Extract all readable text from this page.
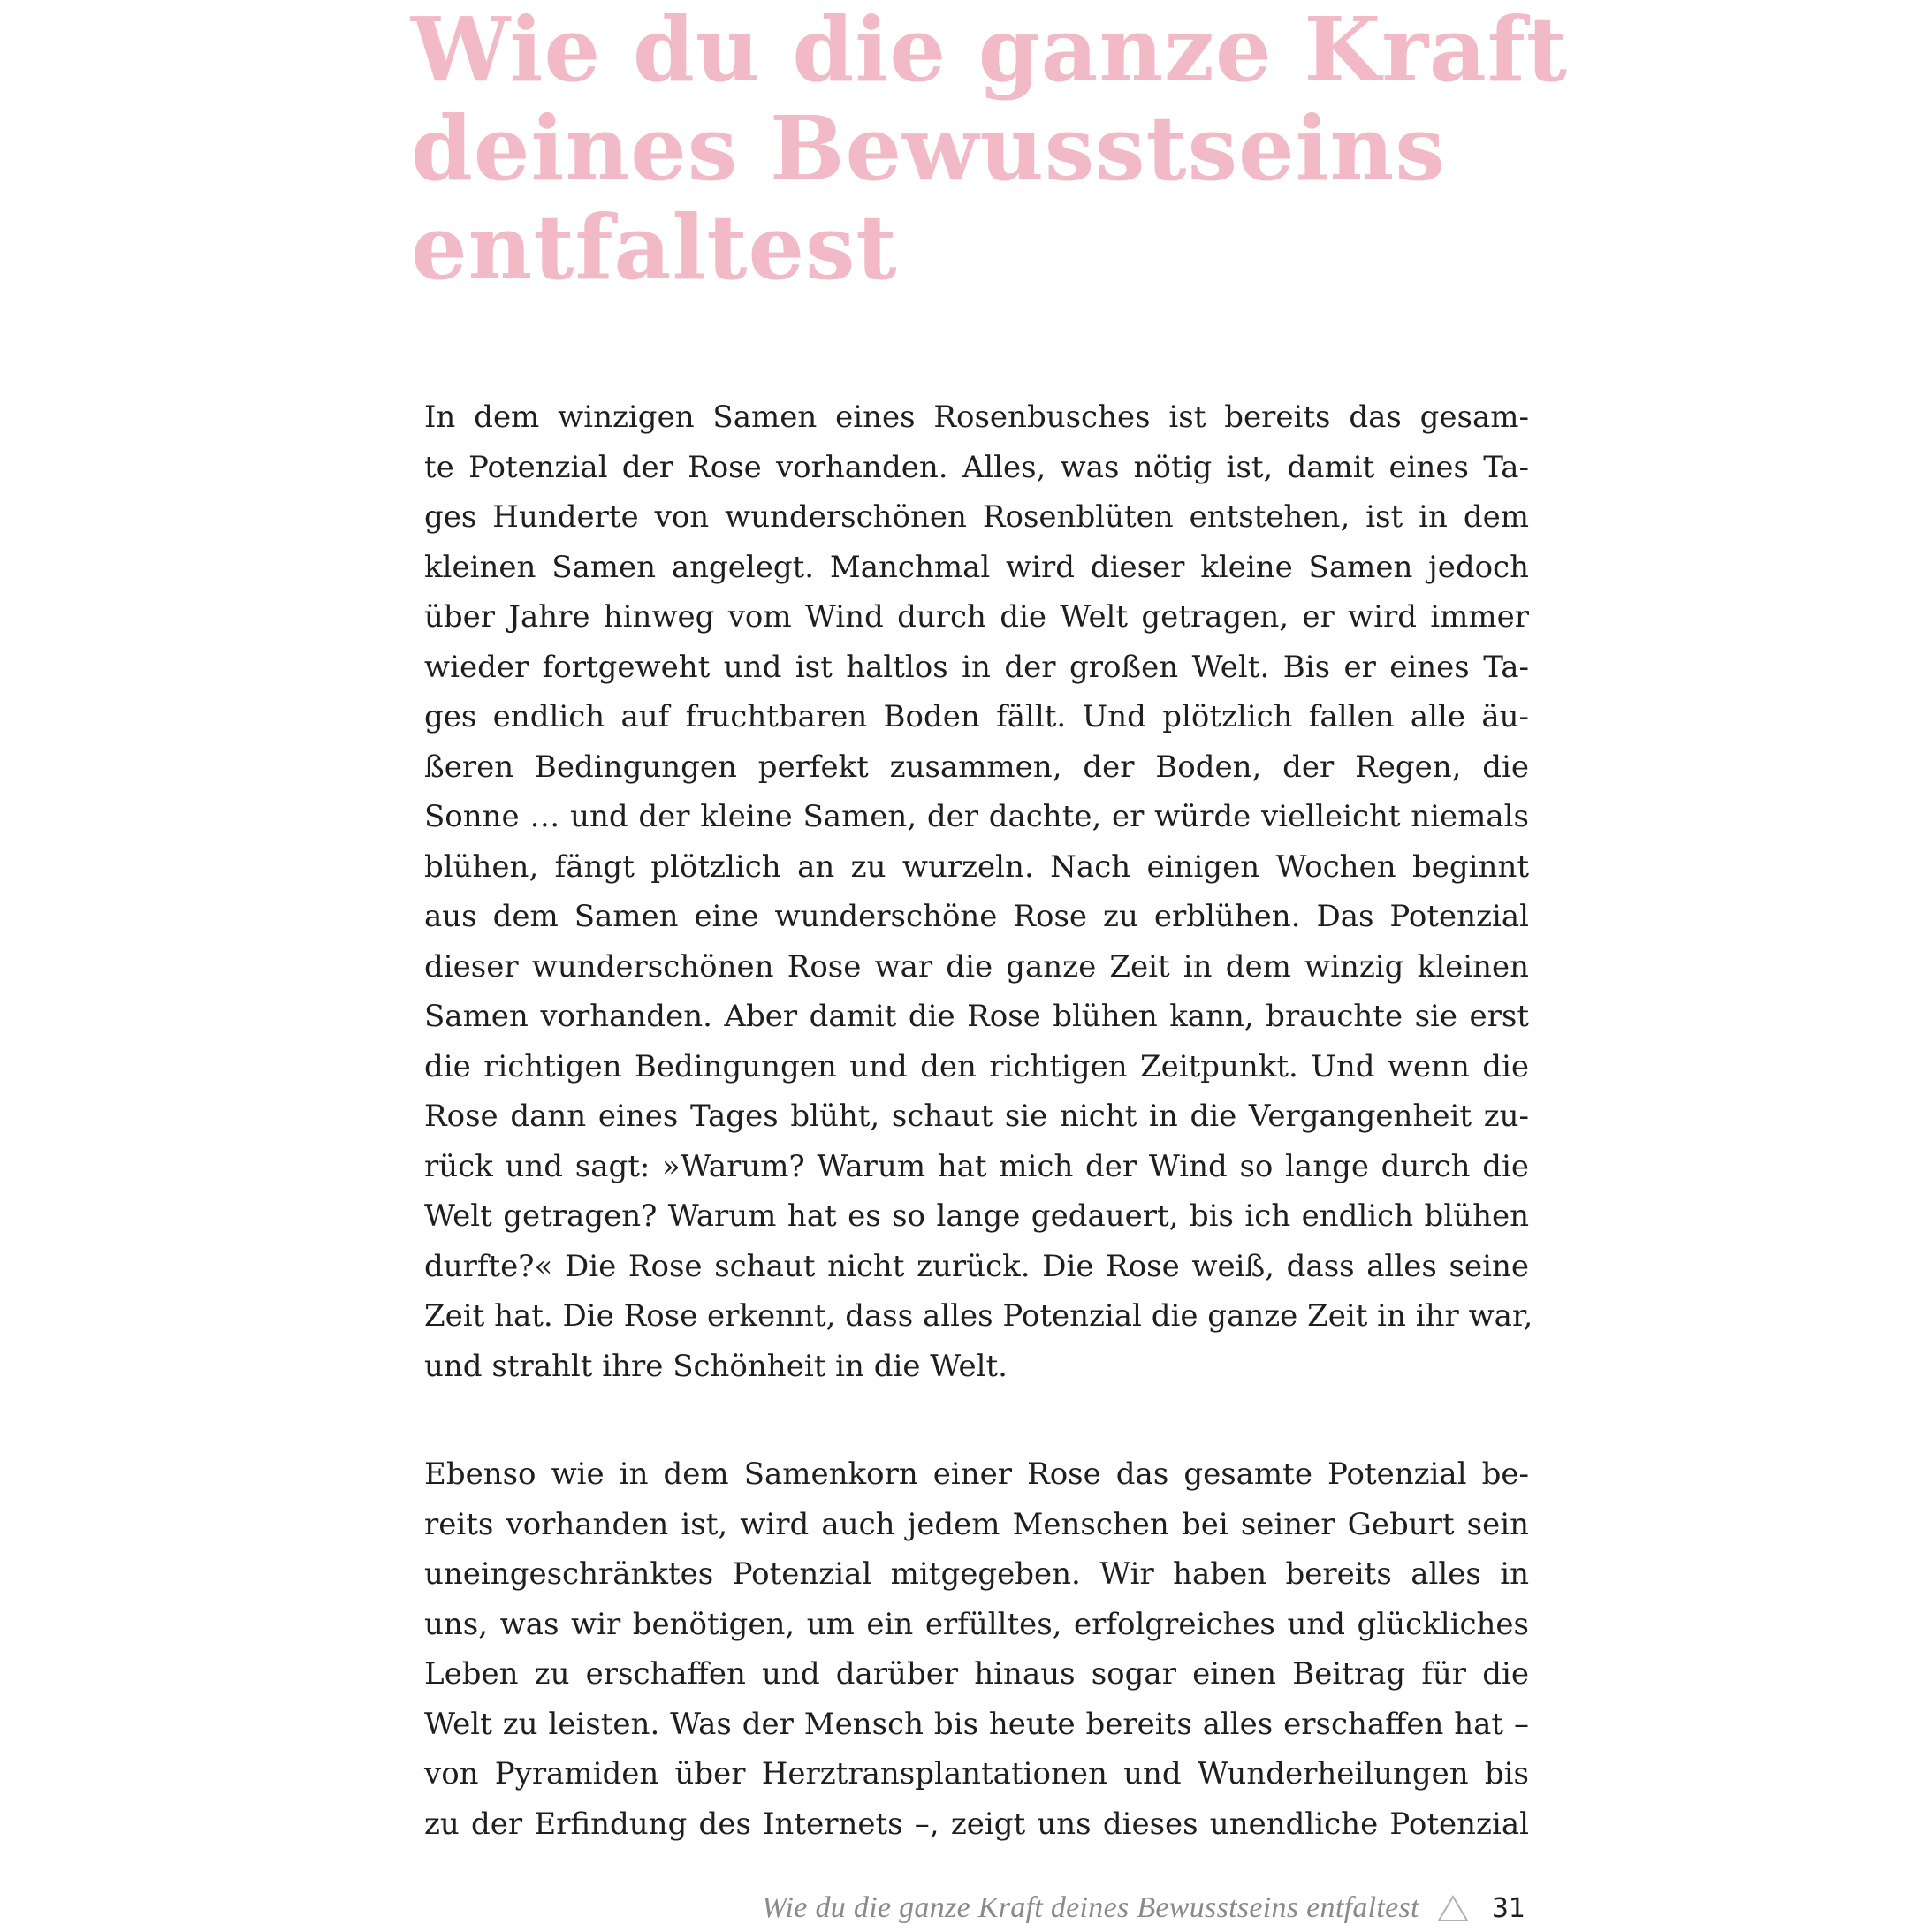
Wie du die ganze Kraft
deines Bewusstseins
entfaltest
In dem winzigen Samen eines Rosenbusches ist bereits das gesam-
te Potenzial der Rose vorhanden. Alles, was nötig ist, damit eines Ta-
ges Hunderte von wunderschönen Rosenblüten entstehen, ist in dem
kleinen Samen angelegt. Manchmal wird dieser kleine Samen jedoch
über Jahre hinweg vom Wind durch die Welt getragen, er wird immer
wieder fortgeweht und ist haltlos in der großen Welt. Bis er eines Ta-
ges endlich auf fruchtbaren Boden fällt. Und plötzlich fallen alle äu-
ßeren Bedingungen perfekt zusammen, der Boden, der Regen, die
Sonne … und der kleine Samen, der dachte, er würde vielleicht niemals
blühen, fängt plötzlich an zu wurzeln. Nach einigen Wochen beginnt
aus dem Samen eine wunderschöne Rose zu erblühen. Das Potenzial
dieser wunderschönen Rose war die ganze Zeit in dem winzig kleinen
Samen vorhanden. Aber damit die Rose blühen kann, brauchte sie erst
die richtigen Bedingungen und den richtigen Zeitpunkt. Und wenn die
Rose dann eines Tages blüht, schaut sie nicht in die Vergangenheit zu-
rück und sagt: »Warum? Warum hat mich der Wind so lange durch die
Welt getragen? Warum hat es so lange gedauert, bis ich endlich blühen
durfte?« Die Rose schaut nicht zurück. Die Rose weiß, dass alles seine
Zeit hat. Die Rose erkennt, dass alles Potenzial die ganze Zeit in ihr war,
und strahlt ihre Schönheit in die Welt.
Ebenso wie in dem Samenkorn einer Rose das gesamte Potenzial be-
reits vorhanden ist, wird auch jedem Menschen bei seiner Geburt sein
uneingeschränktes Potenzial mitgegeben. Wir haben bereits alles in
uns, was wir benötigen, um ein erfülltes, erfolgreiches und glückliches
Leben zu erschaffen und darüber hinaus sogar einen Beitrag für die
Welt zu leisten. Was der Mensch bis heute bereits alles erschaffen hat –
von Pyramiden über Herztransplantationen und Wunderheilungen bis
zu der Erfindung des Internets –, zeigt uns dieses unendliche Potenzial
Wie du die ganze Kraft deines Bewusstseins entfaltest	31
